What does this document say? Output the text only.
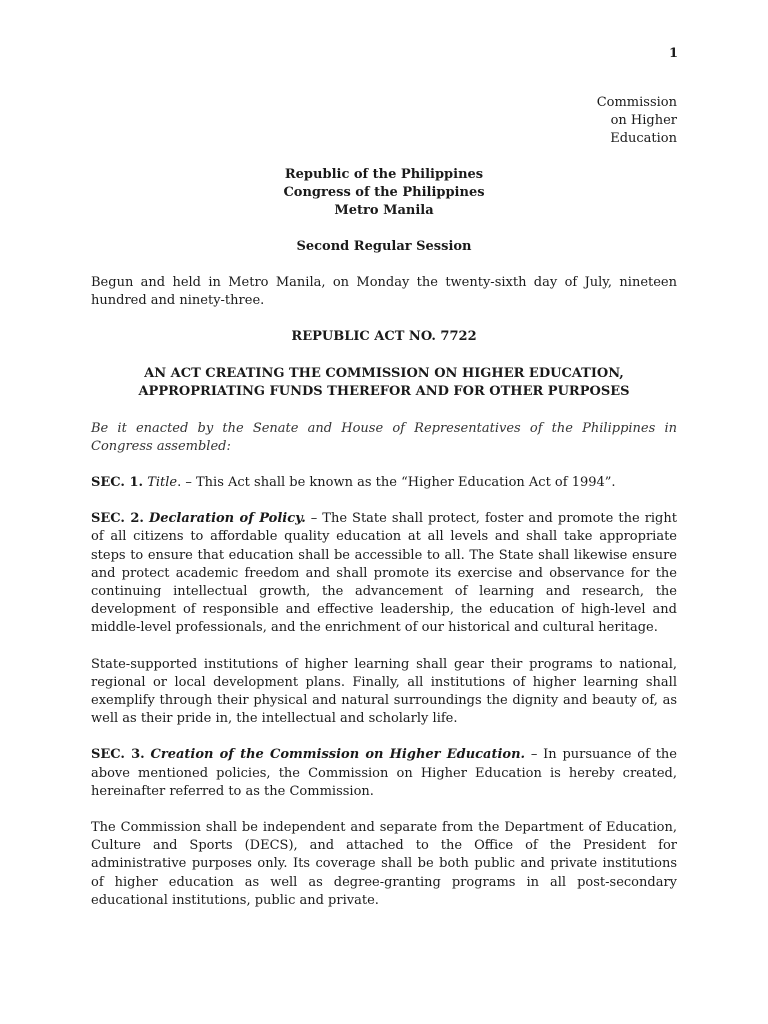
1
Commission
on Higher
Education
Republic of the Philippines
Congress of the Philippines
Metro Manila
Second Regular Session

Begun and held in Metro Manila, on Monday the twenty-sixth day of July, nineteen hundred and ninety-three.

REPUBLIC ACT NO. 7722
AN ACT CREATING THE COMMISSION ON HIGHER EDUCATION, APPROPRIATING FUNDS THEREFOR AND FOR OTHER PURPOSES

Be it enacted by the Senate and House of Representatives of the Philippines in Congress assembled:

SEC. 1. Title. – This Act shall be known as the “Higher Education Act of 1994”.

SEC. 2. Declaration of Policy. – The State shall protect, foster and promote the right of all citizens to affordable quality education at all levels and shall take appropriate steps to ensure that education shall be accessible to all. The State shall likewise ensure and protect academic freedom and shall promote its exercise and observance for the continuing intellectual growth, the advancement of learning and research, the development of responsible and effective leadership, the education of high-level and middle-level professionals, and the enrichment of our historical and cultural heritage.

State-supported institutions of higher learning shall gear their programs to national, regional or local development plans. Finally, all institutions of higher learning shall exemplify through their physical and natural surroundings the dignity and beauty of, as well as their pride in, the intellectual and scholarly life.

SEC. 3. Creation of the Commission on Higher Education. – In pursuance of the above mentioned policies, the Commission on Higher Education is hereby created, hereinafter referred to as the Commission.

The Commission shall be independent and separate from the Department of Education, Culture and Sports (DECS), and attached to the Office of the President for administrative purposes only. Its coverage shall be both public and private institutions of higher education as well as degree-granting programs in all post-secondary educational institutions, public and private.
